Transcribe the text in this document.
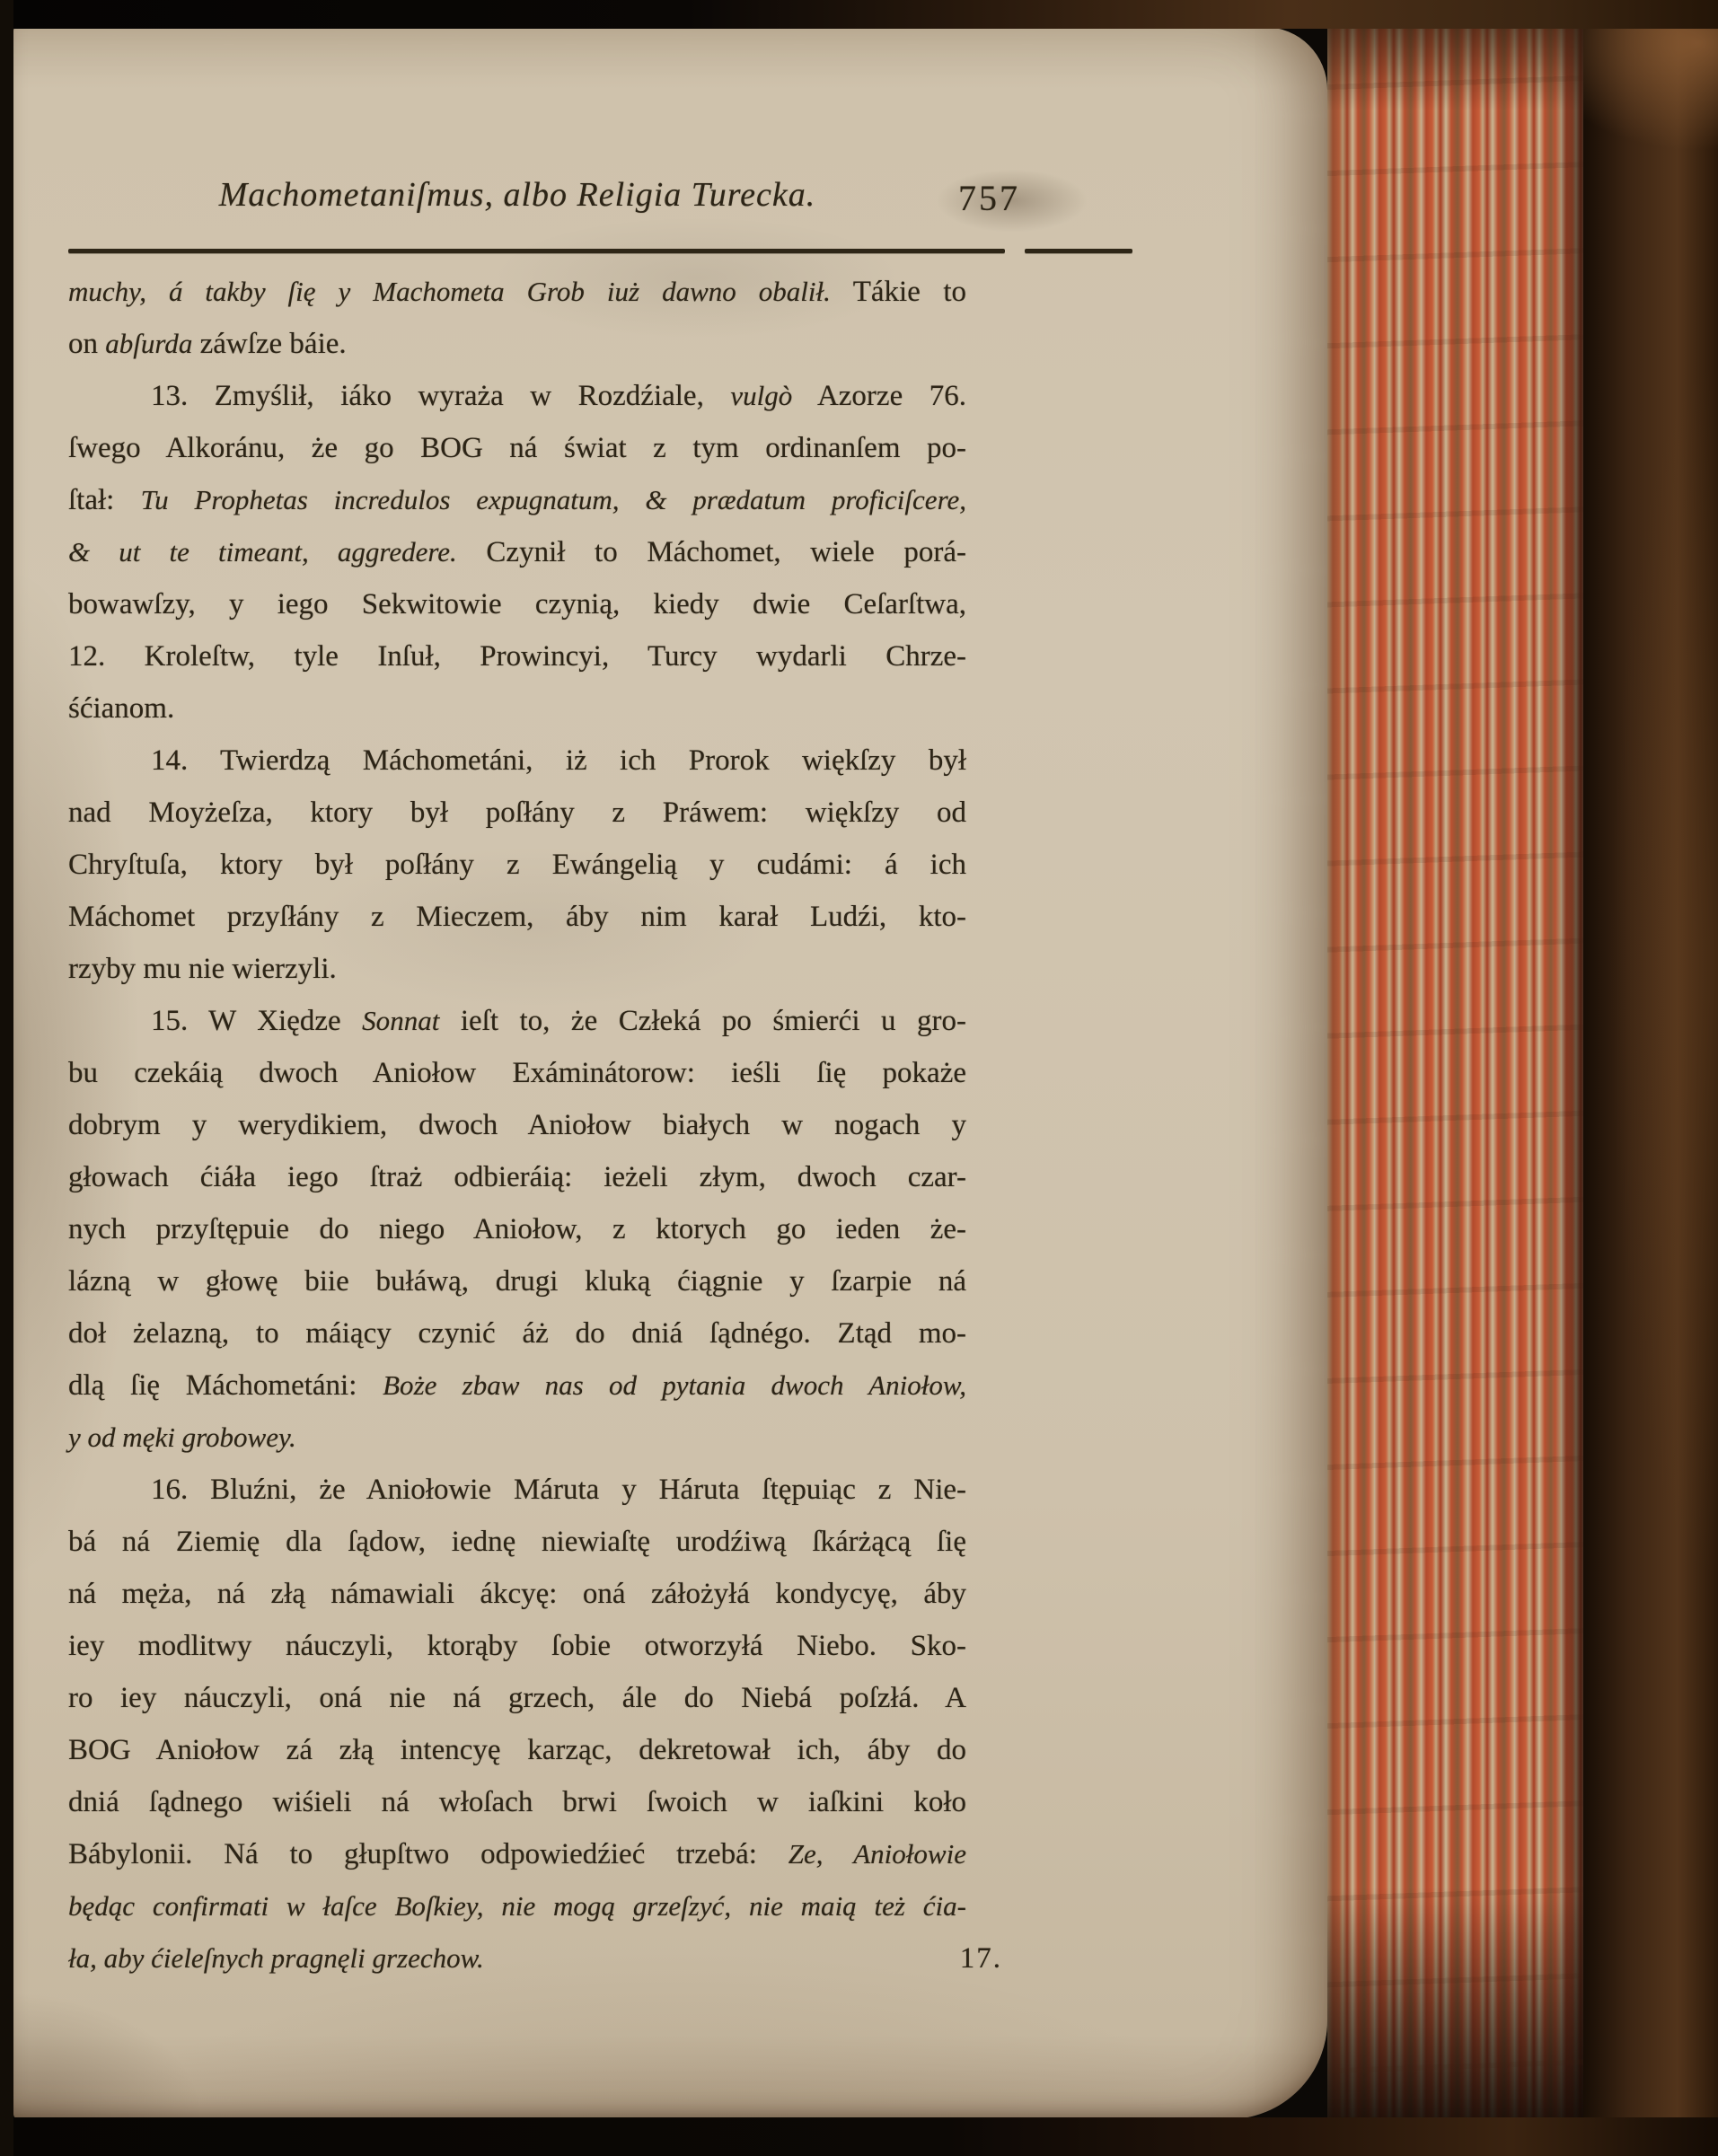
Machometaniſmus, albo Religia Turecka.	757
muchy, á takby ſię y Machometa Grob iuż dawno obalił. Tákie to
on abſurda záwſze báie.
13. Zmyślił, iáko wyraża w Rozdźiale, vulgò Azorze 76.
ſwego Alkoránu, że go BOG ná świat z tym ordinanſem po-
ſtał: Tu Prophetas incredulos expugnatum, & prædatum proficiſcere,
& ut te timeant, aggredere. Czynił to Máchomet, wiele porá-
bowawſzy, y iego Sekwitowie czynią, kiedy dwie Ceſarſtwa,
12. Kroleſtw, tyle Inſuł, Prowincyi, Turcy wydarli Chrze-
śćianom.
14. Twierdzą Máchometáni, iż ich Prorok więkſzy był
nad Moyżeſza, ktory był poſłány z Práwem: więkſzy od
Chryſtuſa, ktory był poſłány z Ewángelią y cudámi: á ich
Máchomet przyſłány z Mieczem, áby nim karał Ludźi, kto-
rzyby mu nie wierzyli.
15. W Xiędze Sonnat ieſt to, że Człeká po śmierći u gro-
bu czekáią dwoch Aniołow Exáminátorow: ieśli ſię pokaże
dobrym y werydikiem, dwoch Aniołow białych w nogach y
głowach ćiáła iego ſtraż odbieráią: ieżeli złym, dwoch czar-
nych przyſtępuie do niego Aniołow, z ktorych go ieden że-
lázną w głowę biie bułáwą, drugi kluką ćiągnie y ſzarpie ná
doł żelazną, to máiący czynić áż do dniá ſądnégo. Ztąd mo-
dlą ſię Máchometáni: Boże zbaw nas od pytania dwoch Aniołow,
y od męki grobowey.
16. Bluźni, że Aniołowie Máruta y Háruta ſtępuiąc z Nie-
bá ná Ziemię dla ſądow, iednę niewiaſtę urodźiwą ſkárżącą ſię
ná męża, ná złą námawiali ákcyę: oná záłożyłá kondycyę, áby
iey modlitwy náuczyli, ktorąby ſobie otworzyłá Niebo. Sko-
ro iey náuczyli, oná nie ná grzech, ále do Niebá poſzłá. A
BOG Aniołow zá złą intencyę karząc, dekretował ich, áby do
dniá ſądnego wiśieli ná włoſach brwi ſwoich w iaſkini koło
Bábylonii. Ná to głupſtwo odpowiedźieć trzebá: Ze, Aniołowie
będąc confirmati w łaſce Boſkiey, nie mogą grzeſzyć, nie maią też ćia-
ła, aby ćieleſnych pragnęli grzechow.	17.
